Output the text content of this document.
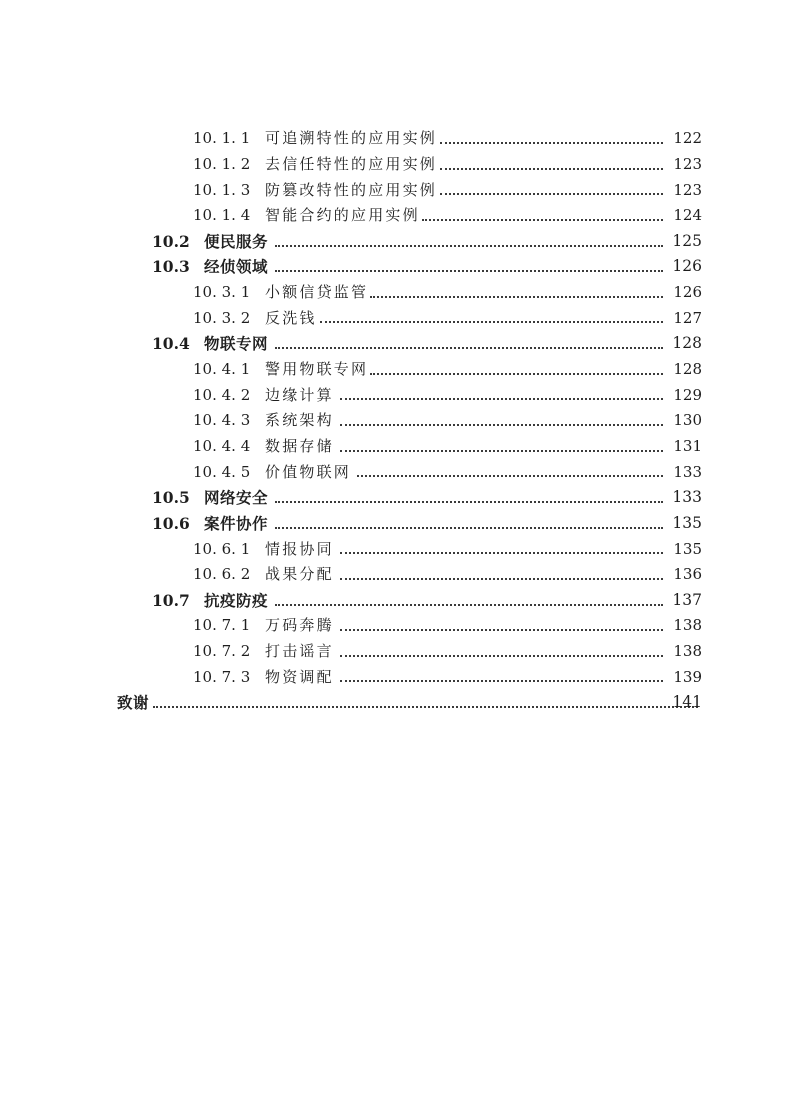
10. 1. 1 可追溯特性的应用实例	122
10. 1. 2 去信任特性的应用实例	123
10. 1. 3 防篡改特性的应用实例	123
10. 1. 4 智能合约的应用实例	124
10.2 便民服务	125
10.3 经侦领域	126
10. 3. 1 小额信贷监管	126
10. 3. 2 反洗钱	127
10.4 物联专网	128
10. 4. 1 警用物联专网	128
10. 4. 2 边缘计算	129
10. 4. 3 系统架构	130
10. 4. 4 数据存储	131
10. 4. 5 价值物联网	133
10.5 网络安全	133
10.6 案件协作	135
10. 6. 1 情报协同	135
10. 6. 2 战果分配	136
10.7 抗疫防疫	137
10. 7. 1 万码奔腾	138
10. 7. 2 打击谣言	138
10. 7. 3 物资调配	139
致谢	141
